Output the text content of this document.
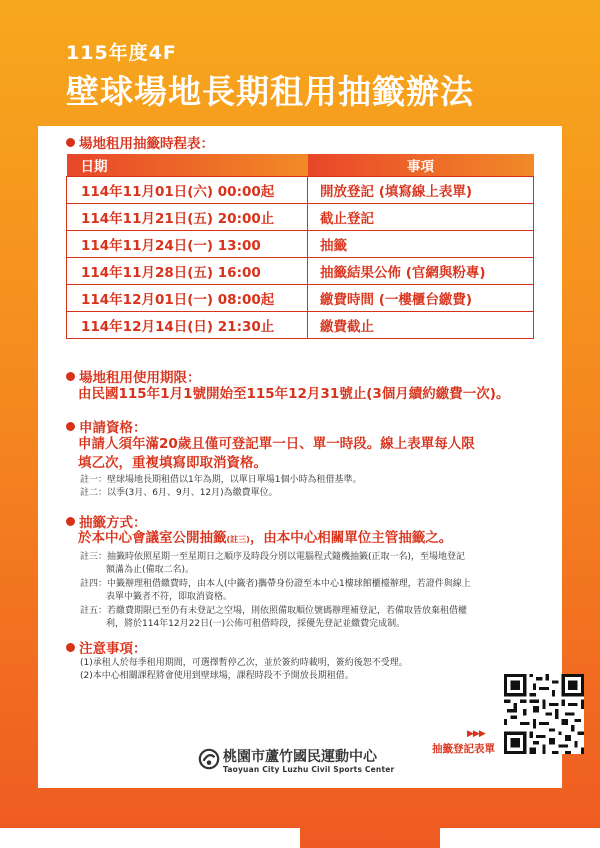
115年度4F
壁球場地長期租用抽籤辦法
場地租用抽籤時程表：
日期	事項
114年11月01日(六) 00:00起	開放登記 (填寫線上表單)
114年11月21日(五) 20:00止	截止登記
114年11月24日(一) 13:00	抽籤
114年11月28日(五) 16:00	抽籤結果公佈 (官網與粉專)
114年12月01日(一) 08:00起	繳費時間 (一樓櫃台繳費)
114年12月14日(日) 21:30止	繳費截止
場地租用使用期限：
由民國115年1月1號開始至115年12月31號止(3個月續約繳費一次)。
申請資格：
申請人須年滿20歲且僅可登記單一日、單一時段。線上表單每人限
填乙次，重複填寫即取消資格。
註一：壁球場地長期租借以1年為期，以單日單場1個小時為租借基準。
註二：以季(3月、6月、9月、12月)為繳費單位。
抽籤方式：
於本中心會議室公開抽籤(註三)，由本中心相關單位主管抽籤之。
註三：抽籤時依照星期一至星期日之順序及時段分別以電腦程式隨機抽籤(正取一名)，至場地登記
額滿為止(備取二名)。
註四：中籤辦理租借繳費時，由本人(中籤者)攜帶身份證至本中心1樓球館櫃檯辦理，若證件與線上
表單中籤者不符，即取消資格。
註五：若繳費期限已至仍有未登記之空場，則依照備取順位號碼辦理補登記，若備取皆放棄租借權
利，將於114年12月22日(一)公佈可租借時段，採優先登記並繳費完成制。
注意事項：
(1)承租人於每季租用期間，可選擇暫停乙次，並於簽約時載明，簽約後恕不受理。
(2)本中心相關課程將會使用到壁球場，課程時段不予開放長期租借。
▶▶▶
抽籤登記表單
桃園市蘆竹國民運動中心
Taoyuan City Luzhu Civil Sports Center
